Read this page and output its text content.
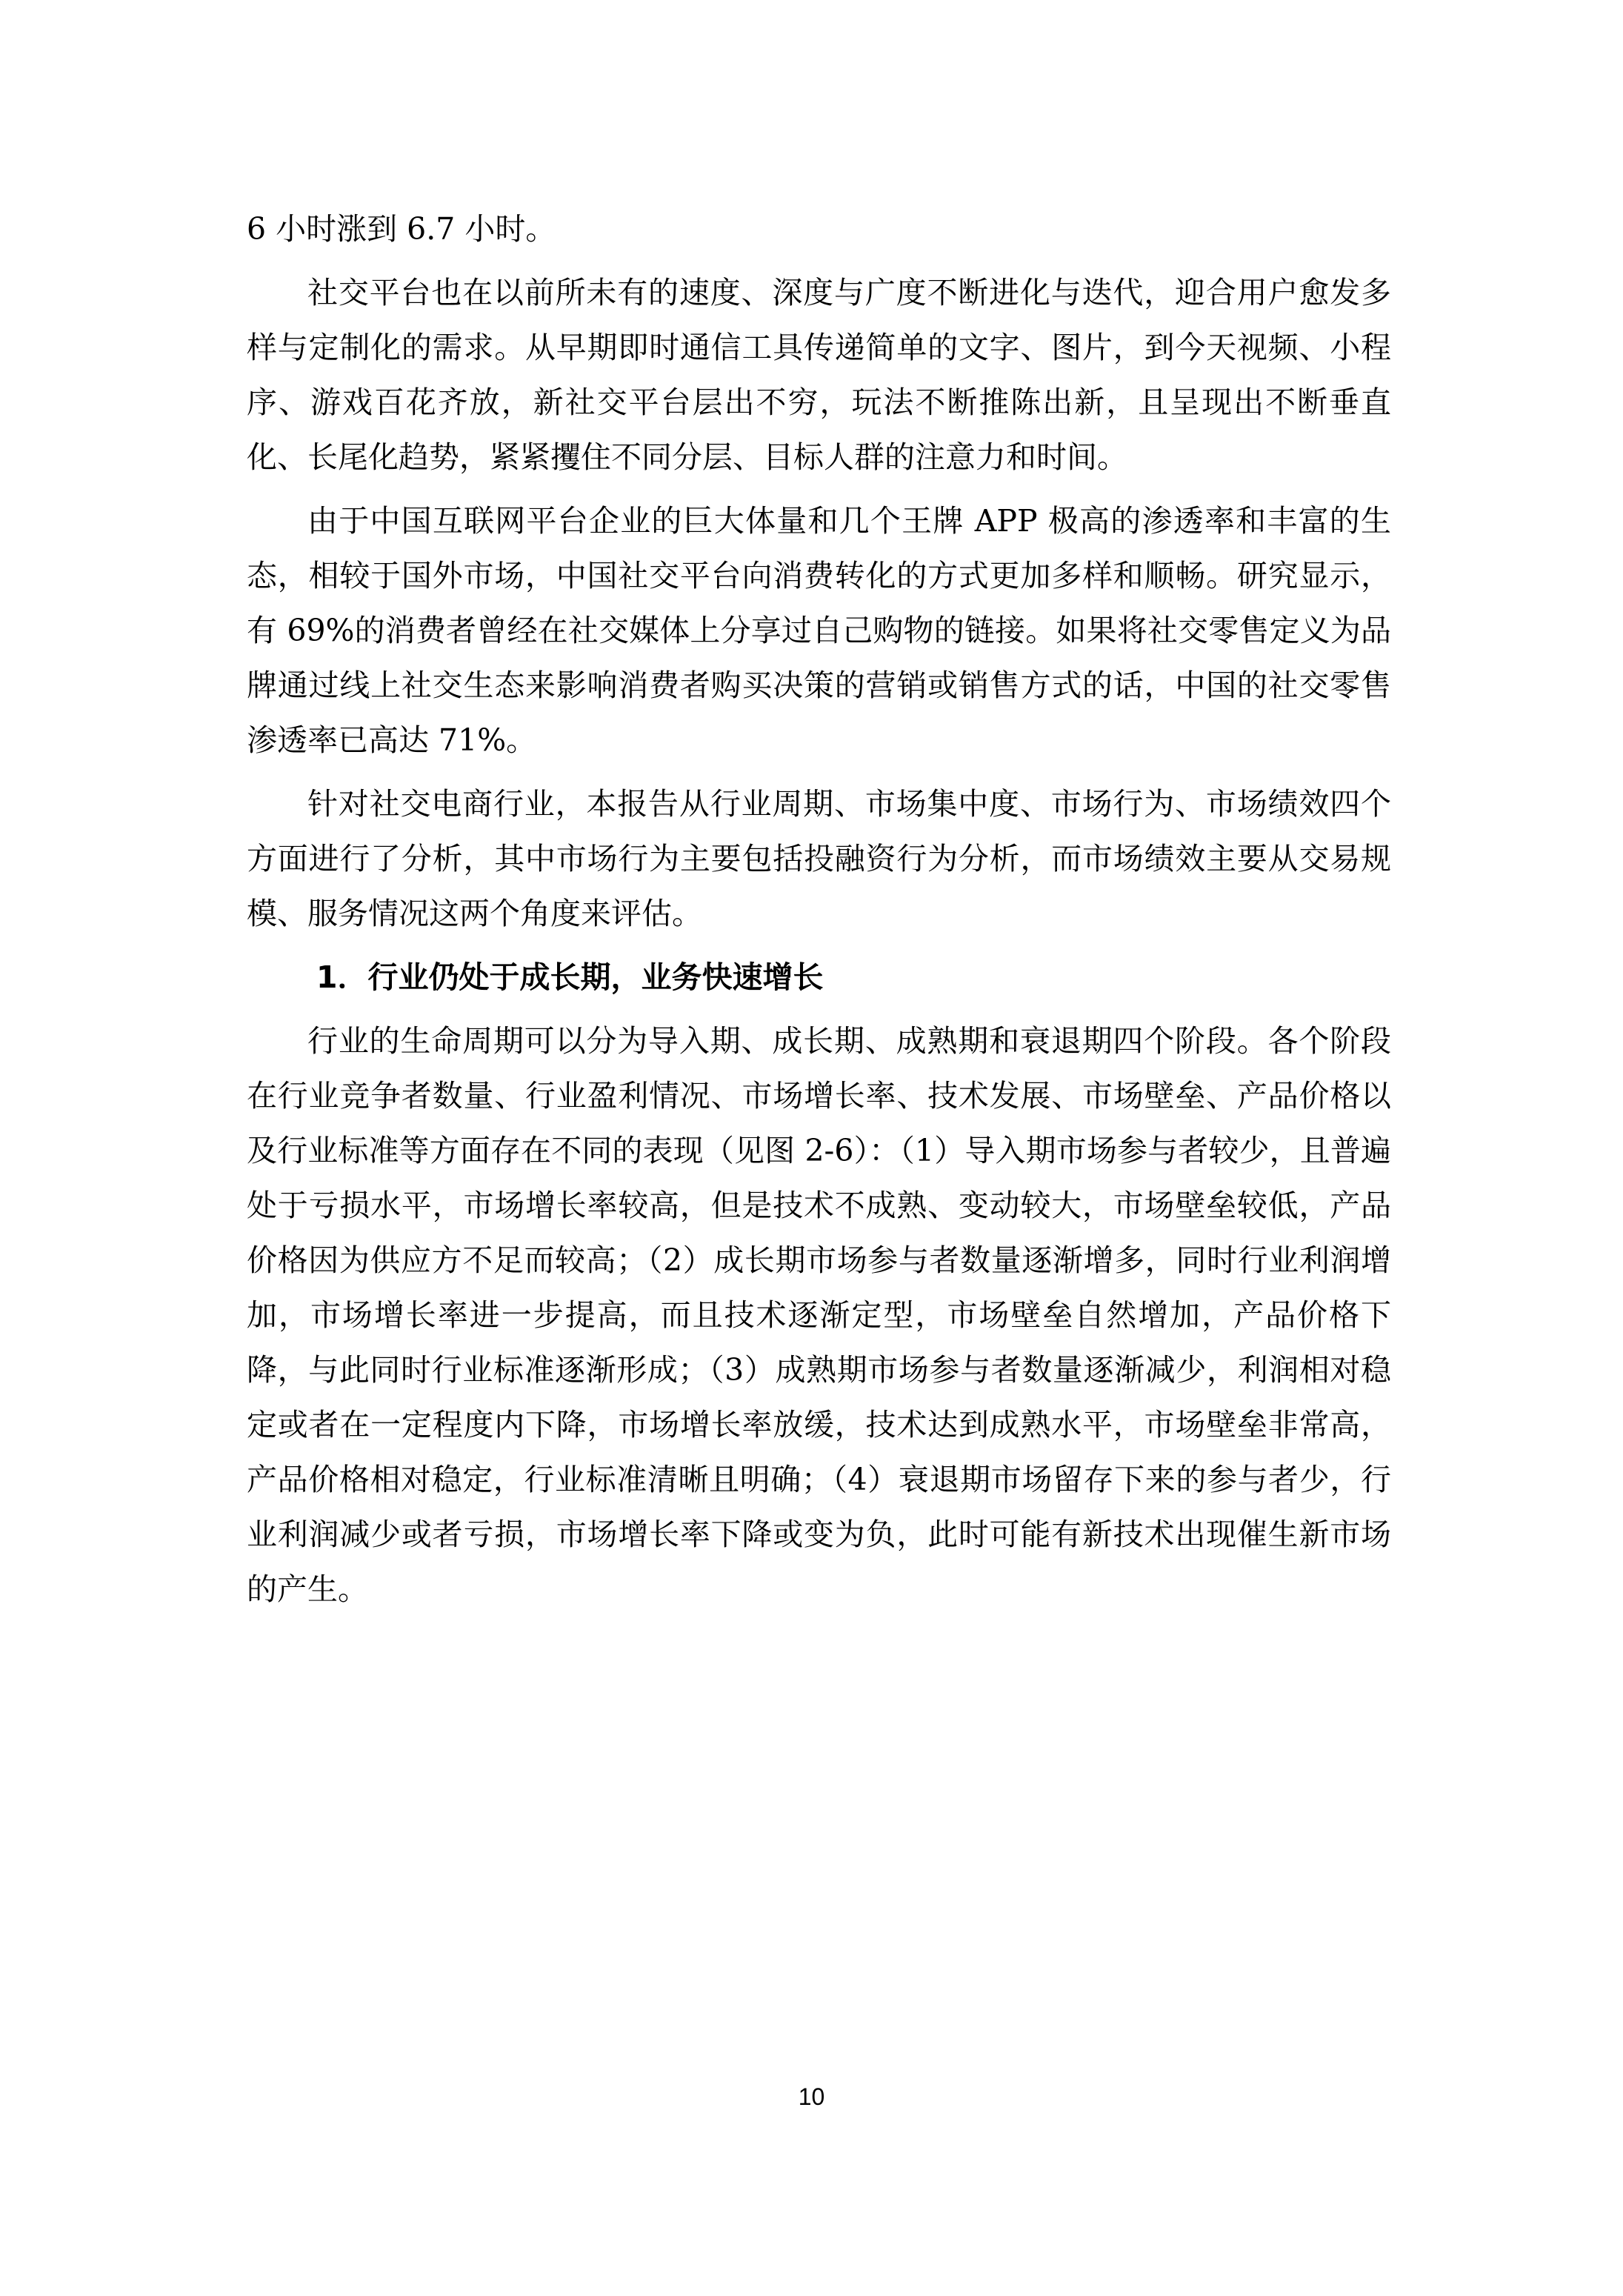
6 小时涨到 6.7 小时。

社交平台也在以前所未有的速度、深度与广度不断进化与迭代，迎合用户愈发多样与定制化的需求。从早期即时通信工具传递简单的文字、图片，到今天视频、小程序、游戏百花齐放，新社交平台层出不穷，玩法不断推陈出新，且呈现出不断垂直化、长尾化趋势，紧紧攫住不同分层、目标人群的注意力和时间。

由于中国互联网平台企业的巨大体量和几个王牌 APP 极高的渗透率和丰富的生态，相较于国外市场，中国社交平台向消费转化的方式更加多样和顺畅。研究显示，有 69%的消费者曾经在社交媒体上分享过自己购物的链接。如果将社交零售定义为品牌通过线上社交生态来影响消费者购买决策的营销或销售方式的话，中国的社交零售渗透率已高达 71%。

针对社交电商行业，本报告从行业周期、市场集中度、市场行为、市场绩效四个方面进行了分析，其中市场行为主要包括投融资行为分析，而市场绩效主要从交易规模、服务情况这两个角度来评估。

1．行业仍处于成长期，业务快速增长

行业的生命周期可以分为导入期、成长期、成熟期和衰退期四个阶段。各个阶段在行业竞争者数量、行业盈利情况、市场增长率、技术发展、市场壁垒、产品价格以及行业标准等方面存在不同的表现（见图 2-6）：（1）导入期市场参与者较少，且普遍处于亏损水平，市场增长率较高，但是技术不成熟、变动较大，市场壁垒较低，产品价格因为供应方不足而较高；（2）成长期市场参与者数量逐渐增多，同时行业利润增加，市场增长率进一步提高，而且技术逐渐定型，市场壁垒自然增加，产品价格下降，与此同时行业标准逐渐形成；（3）成熟期市场参与者数量逐渐减少，利润相对稳定或者在一定程度内下降，市场增长率放缓，技术达到成熟水平，市场壁垒非常高，产品价格相对稳定，行业标准清晰且明确；（4）衰退期市场留存下来的参与者少，行业利润减少或者亏损，市场增长率下降或变为负，此时可能有新技术出现催生新市场的产生。

10
